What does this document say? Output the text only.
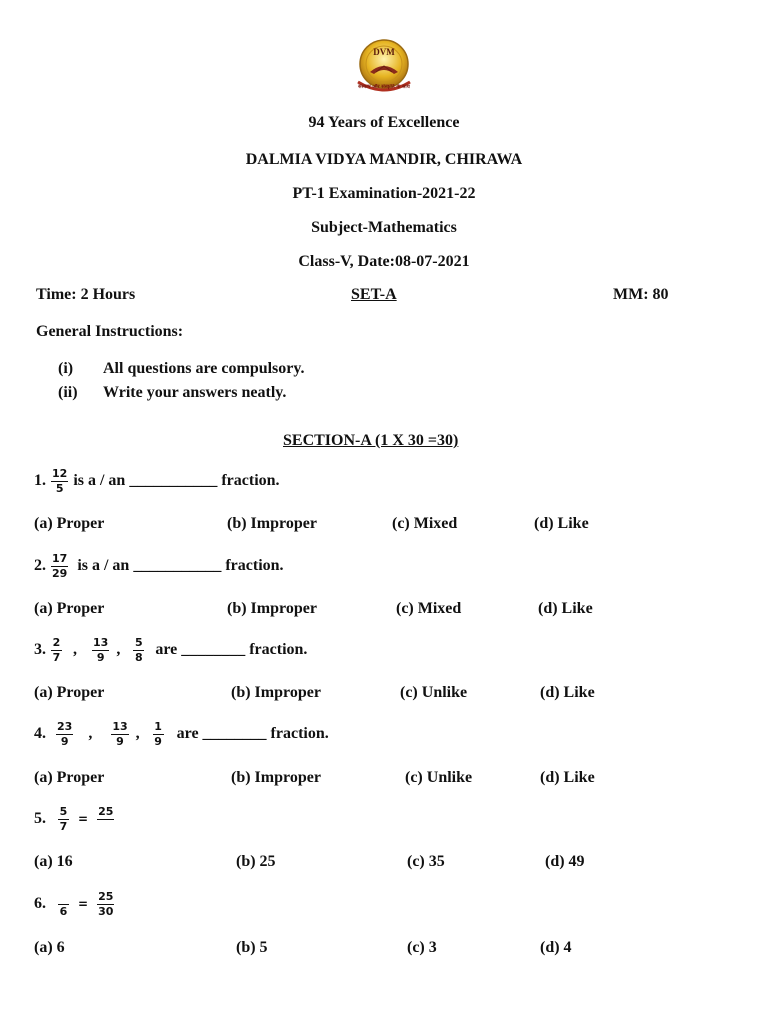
DVM
संस्कार और संस्कृति के साथ
94 Years of Excellence
DALMIA VIDYA MANDIR, CHIRAWA
PT-1 Examination-2021-22
Subject-Mathematics
Class-V, Date:08-07-2021
Time: 2 Hours	SET-A	MM: 80
General Instructions:
(i) All questions are compulsory.
(ii) Write your answers neatly.
SECTION-A (1 X 30 =30)
1. $\frac{12}{5}$ is a / an ___________ fraction.
(a) Proper	(b) Improper	(c) Mixed	(d) Like
2. $\frac{17}{29}$ is a / an ___________ fraction.
(a) Proper	(b) Improper	(c) Mixed	(d) Like
3. $\frac{2}{7}$ , $\frac{13}{9}$ , $\frac{5}{8}$ are ________ fraction.
(a) Proper	(b) Improper	(c) Unlike	(d) Like
4. $\frac{23}{9}$ , $\frac{13}{9}$ , $\frac{1}{9}$ are ________ fraction.
(a) Proper	(b) Improper	(c) Unlike	(d) Like
5. $\frac{5}{7}$ =
25
(a) 16	(b) 25	(c) 35	(d) 49
6. $6 = \frac{25}{30}$
(a) 6	(b) 5	(c) 3	(d) 4
